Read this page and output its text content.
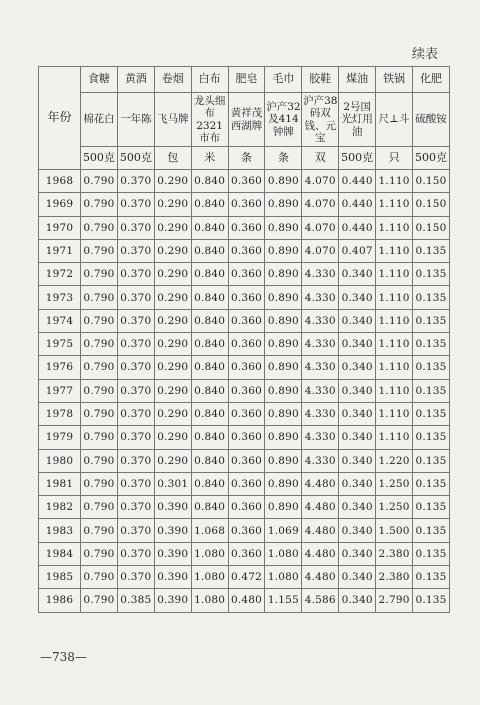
续表
年份	食糖	黄酒	卷烟	白布	肥皂	毛巾	胶鞋	煤油	铁锅	化肥
	棉花白	一年陈	飞马牌	龙头细布2321市布	黄祥茂西湖牌	沪产32及414钟牌	沪产38码双钱、元宝	2号国光灯用油	尺⊥斗	硫酸铵
	500克	500克	包	米	条	条	双	500克	只	500克
1968	0.790	0.370	0.290	0.840	0.360	0.890	4.070	0.440	1.110	0.150
1969	0.790	0.370	0.290	0.840	0.360	0.890	4.070	0.440	1.110	0.150
1970	0.790	0.370	0.290	0.840	0.360	0.890	4.070	0.440	1.110	0.150
1971	0.790	0.370	0.290	0.840	0.360	0.890	4.070	0.407	1.110	0.135
1972	0.790	0.370	0.290	0.840	0.360	0.890	4.330	0.340	1.110	0.135
1973	0.790	0.370	0.290	0.840	0.360	0.890	4.330	0.340	1.110	0.135
1974	0.790	0.370	0.290	0.840	0.360	0.890	4.330	0.340	1.110	0.135
1975	0.790	0.370	0.290	0.840	0.360	0.890	4.330	0.340	1.110	0.135
1976	0.790	0.370	0.290	0.840	0.360	0.890	4.330	0.340	1.110	0.135
1977	0.790	0.370	0.290	0.840	0.360	0.890	4.330	0.340	1.110	0.135
1978	0.790	0.370	0.290	0.840	0.360	0.890	4.330	0.340	1.110	0.135
1979	0.790	0.370	0.290	0.840	0.360	0.890	4.330	0.340	1.110	0.135
1980	0.790	0.370	0.290	0.840	0.360	0.890	4.330	0.340	1.220	0.135
1981	0.790	0.370	0.301	0.840	0.360	0.890	4.480	0.340	1.250	0.135
1982	0.790	0.370	0.390	0.840	0.360	0.890	4.480	0.340	1.250	0.135
1983	0.790	0.370	0.390	1.068	0.360	1.069	4.480	0.340	1.500	0.135
1984	0.790	0.370	0.390	1.080	0.360	1.080	4.480	0.340	2.380	0.135
1985	0.790	0.370	0.390	1.080	0.472	1.080	4.480	0.340	2.380	0.135
1986	0.790	0.385	0.390	1.080	0.480	1.155	4.586	0.340	2.790	0.135
—738—
